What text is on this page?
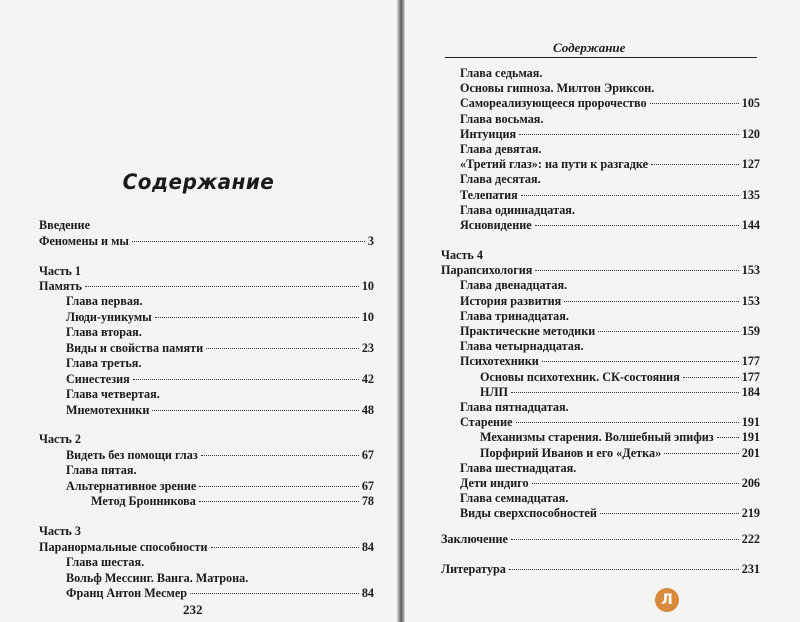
Содержание
Введение
Феномены и мы	3
Часть 1
Память	10
Глава первая.
Люди-уникумы	10
Глава вторая.
Виды и свойства памяти	23
Глава третья.
Синестезия	42
Глава четвертая.
Мнемотехники	48
Часть 2
Видеть без помощи глаз	67
Глава пятая.
Альтернативное зрение	67
Метод Бронникова	78
Часть 3
Паранормальные способности	84
Глава шестая.
Вольф Мессинг. Ванга. Матрона.
Франц Антон Месмер	84
232
Содержание
Глава седьмая.
Основы гипноза. Милтон Эриксон.
Самореализующееся пророчество	105
Глава восьмая.
Интуиция	120
Глава девятая.
«Третий глаз»: на пути к разгадке	127
Глава десятая.
Телепатия	135
Глава одиннадцатая.
Ясновидение	144
Часть 4
Парапсихология	153
Глава двенадцатая.
История развития	153
Глава тринадцатая.
Практические методики	159
Глава четырнадцатая.
Психотехники	177
Основы психотехник. СК-состояния	177
НЛП	184
Глава пятнадцатая.
Старение	191
Механизмы старения. Волшебный эпифиз 191
Порфирий Иванов и его «Детка»	201
Глава шестнадцатая.
Дети индиго	206
Глава семнадцатая.
Виды сверхспособностей	219
Заключение	222
Литература	231
Л
